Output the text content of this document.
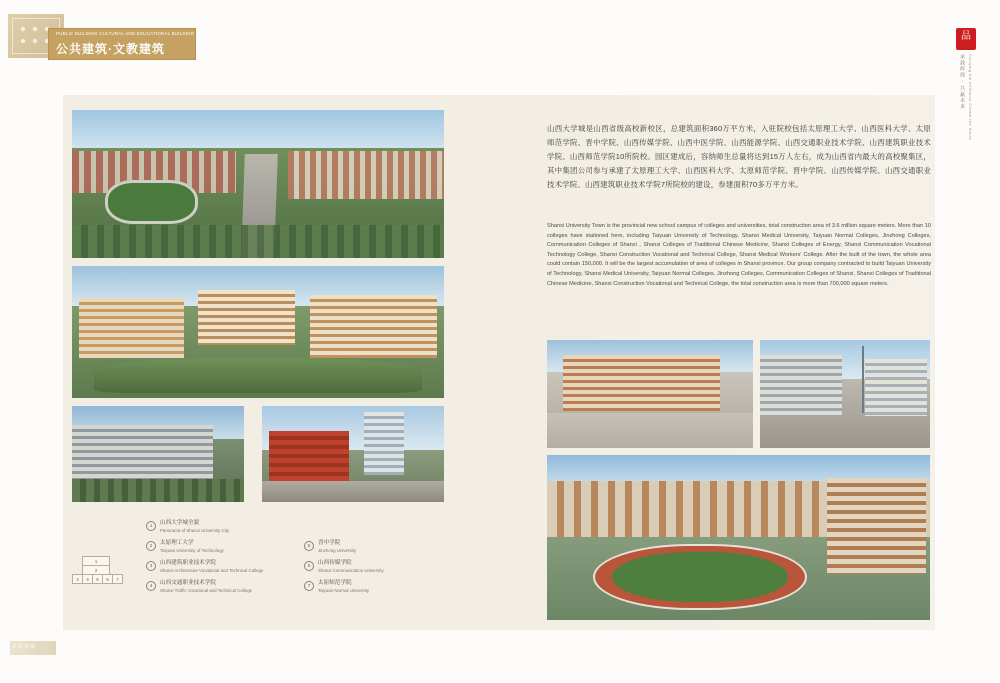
PUBLIC BUILDING·CULTURAL AND EDUCATIONAL BUILDING
公共建筑·文教建筑
品
承载辉煌 · 共赢未来 Carrying the brilliance Create the future
山西大学城是山西省级高校新校区，总建筑面积360万平方米，入驻院校包括太原理工大学、山西医科大学、太原师范学院、晋中学院、山西传媒学院、山西中医学院、山西能源学院、山西交通职业技术学院、山西建筑职业技术学院、山西师范学院10所院校。园区建成后，容纳师生总量将达到15万人左右，成为山西省内最大的高校聚集区，其中集团公司参与承建了太原理工大学、山西医科大学、太原师范学院、晋中学院、山西传媒学院、山西交通职业技术学院、山西建筑职业技术学院7所院校的建设，参建面积70多万平方米。
Shanxi University Town is the provincial new school campus of colleges and universities, total construction area of 3.6 million square meters. More than 10 colleges have stationed here, including Taiyuan University of Technology, Shanxi Medical University, Taiyuan Normal Colleges, Jinzhong Colleges, Communication Colleges of Shanxi , Shanxi Colleges of Traditional Chinese Medicine, Shanxi Colleges of Energy, Shanxi Communication Vocational Technology College, Shanxi Construction Vocational and Technical College, Shanxi Medical Workers' College. After the built of the town, the whole area could contain 150,000. It will be the largest accumulation of area of colleges in Shanxi province. Our group company contracted to build Taiyuan University of Technology, Shanxi Medical University, Taiyuan Normal Colleges, Jinzhong Colleges, Communication Colleges of Shanxi, Shanxi Colleges of Traditional Chinese Medicine, Shanxi Construction Vocational and Technical College, the total construction area is more than 700,000 square meters.
1
2
3	4	5	6	7
1	山西大学城全貌
Panorama of Shanxi University City
2	太原理工大学
Taiyuan University of Technology
3	山西建筑职业技术学院
Shanxi Architecture Vocational and Technical College
4	山西交通职业技术学院
Shanxi Traffic Vocational and Technical College
5	晋中学院
Jinzhong University
6	山西传媒学院
Shanxi Communication University
7	太原师范学院
Taiyuan Normal University
品质筑家
